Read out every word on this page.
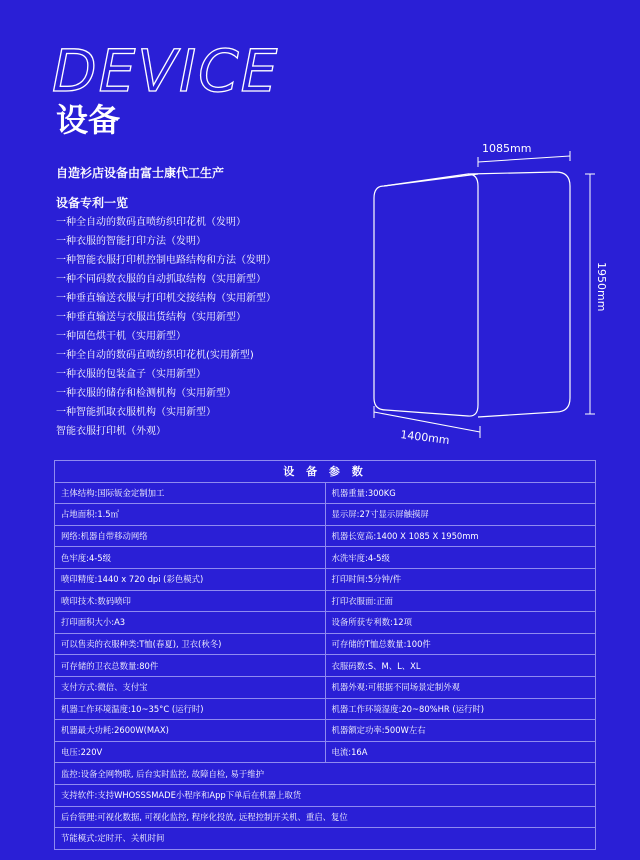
DEVICE
设备
自造衫店设备由富士康代工生产
设备专利一览
一种全自动的数码直喷纺织印花机（发明）
一种衣服的智能打印方法（发明）
一种智能衣服打印机控制电路结构和方法（发明）
一种不同码数衣服的自动抓取结构（实用新型）
一种垂直输送衣服与打印机交接结构（实用新型）
一种垂直输送与衣服出货结构（实用新型）
一种固色烘干机（实用新型）
一种全自动的数码直喷纺织印花机(实用新型)
一种衣服的包装盒子（实用新型）
一种衣服的储存和检测机构（实用新型）
一种智能抓取衣服机构（实用新型）
智能衣服打印机（外观）
1085mm
1950mm
1400mm
设 备 参 数	
主体结构:国际钣金定制加工	机器重量:300KG
占地面积:1.5㎡	显示屏:27寸显示屏触摸屏
网络:机器自带移动网络	机器长宽高:1400 X 1085 X 1950mm
色牢度:4-5级	水洗牢度:4-5级
喷印精度:1440 x 720 dpi (彩色模式)	打印时间:5分钟/件
喷印技术:数码喷印	打印衣服面:正面
打印面积大小:A3	设备所获专利数:12项
可以售卖的衣服种类:T恤(春夏), 卫衣(秋冬)	可存储的T恤总数量:100件
可存储的卫衣总数量:80件	衣服码数:S、M、L、XL
支付方式:微信、支付宝	机器外观:可根据不同场景定制外观
机器工作环境温度:10~35°C (运行时)	机器工作环境湿度:20~80%HR (运行时)
机器最大功耗:2600W(MAX)	机器额定功率:500W左右
电压:220V	电流:16A
监控:设备全网物联, 后台实时监控, 故障自检, 易于维护	
支持软件:支持WHOSSSMADE小程序和App下单后在机器上取货	
后台管理:可视化数据, 可视化监控, 程序化投放, 远程控制开关机、重启、复位	
节能模式:定时开、关机时间	
